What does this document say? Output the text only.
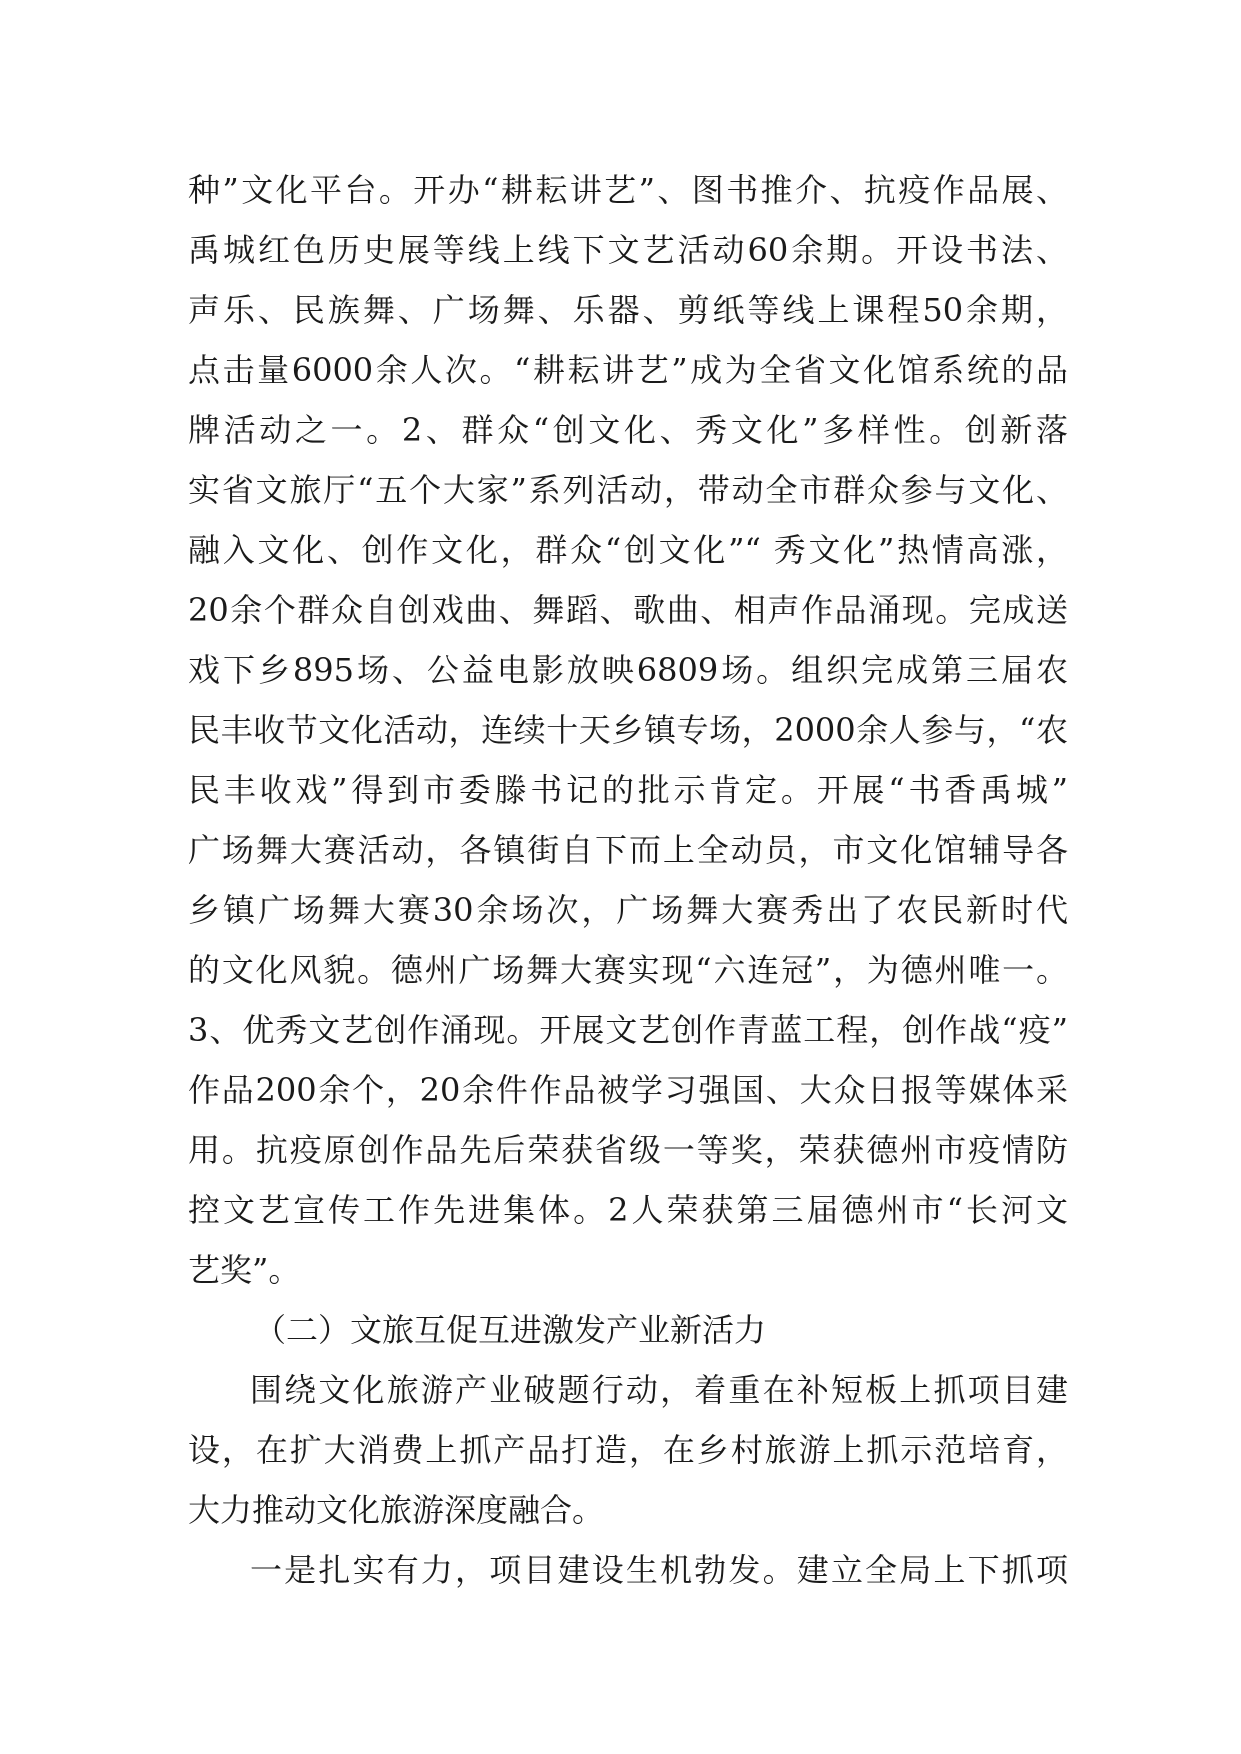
种”文化平台。开办“耕耘讲艺”、图书推介、抗疫作品展、
禹城红色历史展等线上线下文艺活动60余期。开设书法、
声乐、民族舞、广场舞、乐器、剪纸等线上课程50余期，
点击量6000余人次。“耕耘讲艺”成为全省文化馆系统的品
牌活动之一。2、群众“创文化、秀文化”多样性。创新落
实省文旅厅“五个大家”系列活动，带动全市群众参与文化、
融入文化、创作文化，群众“创文化”“ 秀文化”热情高涨，
20余个群众自创戏曲、舞蹈、歌曲、相声作品涌现。完成送
戏下乡895场、公益电影放映6809场。组织完成第三届农
民丰收节文化活动，连续十天乡镇专场，2000余人参与，“农
民丰收戏”得到市委滕书记的批示肯定。开展“书香禹城”
广场舞大赛活动，各镇街自下而上全动员，市文化馆辅导各
乡镇广场舞大赛30余场次，广场舞大赛秀出了农民新时代
的文化风貌。德州广场舞大赛实现“六连冠”，为德州唯一。
3、优秀文艺创作涌现。开展文艺创作青蓝工程，创作战“疫”
作品200余个，20余件作品被学习强国、大众日报等媒体采
用。抗疫原创作品先后荣获省级一等奖，荣获德州市疫情防
控文艺宣传工作先进集体。2人荣获第三届德州市“长河文
艺奖”。
（二）文旅互促互进激发产业新活力
围绕文化旅游产业破题行动，着重在补短板上抓项目建
设，在扩大消费上抓产品打造，在乡村旅游上抓示范培育，
大力推动文化旅游深度融合。
一是扎实有力，项目建设生机勃发。建立全局上下抓项
